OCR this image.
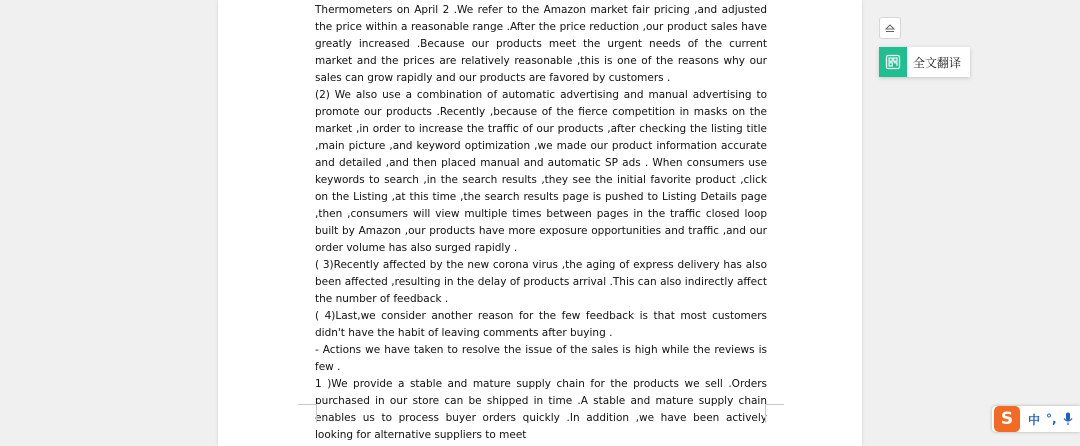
Thermometers on April 2 .We refer to the Amazon market fair pricing ,and adjusted the price within a reasonable range .After the price reduction ,our product sales have greatly increased .Because our products meet the urgent needs of the current market and the prices are relatively reasonable ,this is one of the reasons why our sales can grow rapidly and our products are favored by customers .

(2) We also use a combination of automatic advertising and manual advertising to promote our products .Recently ,because of the fierce competition in masks on the market ,in order to increase the traffic of our products ,after checking the listing title ,main picture ,and keyword optimization ,we made our product information accurate and detailed ,and then placed manual and automatic SP ads . When consumers use keywords to search ,in the search results ,they see the initial favorite product ,click on the Listing ,at this time ,the search results page is pushed to Listing Details page ,then ,consumers will view multiple times between pages in the traffic closed loop built by Amazon ,our products have more exposure opportunities and traffic ,and our order volume has also surged rapidly .

( 3)Recently affected by the new corona virus ,the aging of express delivery has also been affected ,resulting in the delay of products arrival .This can also indirectly affect the number of feedback .

( 4)Last,we consider another reason for the few feedback is that most customers didn't have the habit of leaving comments after buying .

- Actions we have taken to resolve the issue of the sales is high while the reviews is few .

1 )We provide a stable and mature supply chain for the products we sell .Orders purchased in our store can be shipped in time .A stable and mature supply chain enables us to process buyer orders quickly .In addition ,we have been actively looking for alternative suppliers to meet

全文翻译
S	中 °,
